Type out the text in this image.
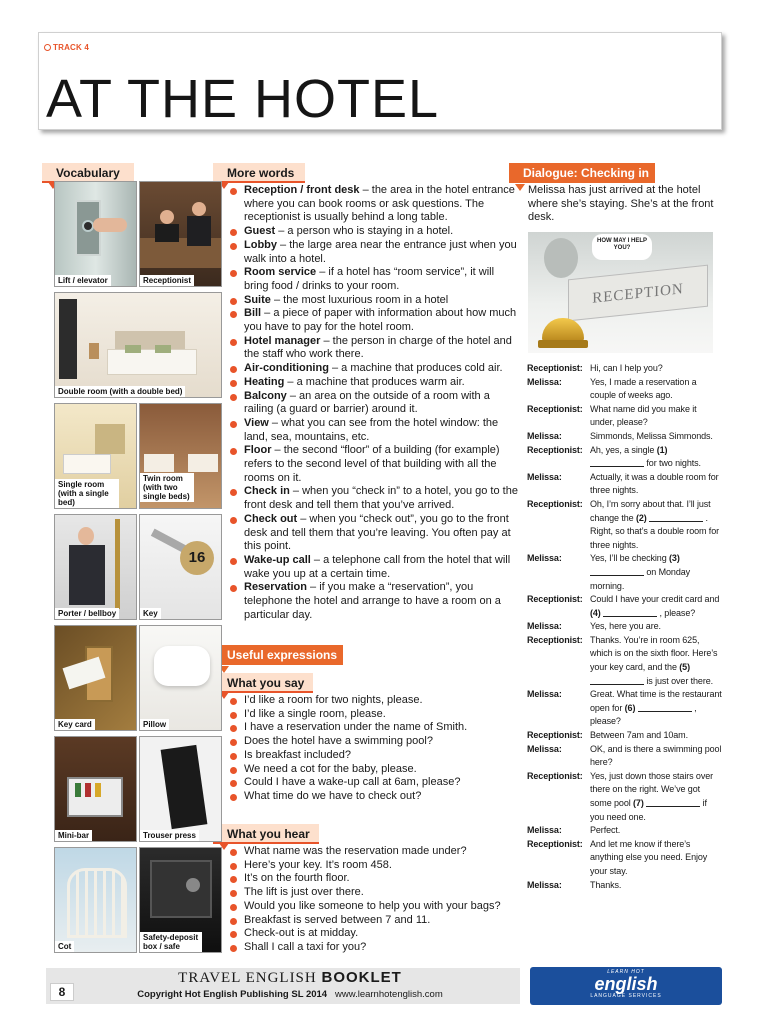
TRACK 4
AT THE HOTEL
Vocabulary	More words	Dialogue: Checking in
Useful expressions
What you say
What you hear
Lift / elevator	Receptionist
Double room (with a double bed)
Single room (with a single bed)
Twin room (with two single beds)
Porter / bellboy
16
Key
Key card	Pillow
Mini-bar	Trouser press
Cot
Safety-deposit box / safe
Reception / front desk – the area in the hotel entrance where you can book rooms or ask questions. The receptionist is usually behind a long table.
Guest – a person who is staying in a hotel.
Lobby – the large area near the entrance just when you walk into a hotel.
Room service – if a hotel has “room service”, it will bring food / drinks to your room.
Suite – the most luxurious room in a hotel
Bill – a piece of paper with information about how much you have to pay for the hotel room.
Hotel manager – the person in charge of the hotel and the staff who work there.
Air-conditioning – a machine that produces cold air.
Heating – a machine that produces warm air.
Balcony – an area on the outside of a room with a railing (a guard or barrier) around it.
View – what you can see from the hotel window: the land, sea, mountains, etc.
Floor – the second “floor” of a building (for example) refers to the second level of that building with all the rooms on it.
Check in – when you “check in” to a hotel, you go to the front desk and tell them that you’ve arrived.
Check out – when you “check out”, you go to the front desk and tell them that you’re leaving. You often pay at this point.
Wake-up call – a telephone call from the hotel that will wake you up at a certain time.
Reservation – if you make a “reservation”, you telephone the hotel and arrange to have a room on a particular day.
I’d like a room for two nights, please.
I’d like a single room, please.
I have a reservation under the name of Smith.
Does the hotel have a swimming pool?
Is breakfast included?
We need a cot for the baby, please.
Could I have a wake-up call at 6am, please?
What time do we have to check out?
What name was the reservation made under?
Here’s your key. It’s room 458.
It’s on the fourth floor.
The lift is just over there.
Would you like someone to help you with your bags?
Breakfast is served between 7 and 11.
Check-out is at midday.
Shall I call a taxi for you?

Melissa has just arrived at the hotel where she’s staying. She’s at the front desk.

HOW MAY I HELP YOU?
RECEPTION
Receptionist: Hi, can I help you?
Melissa:	Yes, I made a reservation a couple of weeks ago.
Receptionist: What name did you make it under, please?
Melissa:	Simmonds, Melissa Simmonds.
Receptionist: Ah, yes, a single (1)  for two nights.
Melissa:	Actually, it was a double room for three nights.
Receptionist: Oh, I’m sorry about that. I’ll just change the (2)	. Right, so that’s a double room for three nights.
Melissa:	Yes, I’ll be checking (3)  on Monday morning.
Receptionist: Could I have your credit card and (4)	, please?
Melissa:	Yes, here you are.
Receptionist: Thanks. You’re in room 625, which is on the sixth floor. Here’s your key card, and the (5)  is just over there.
Melissa:	Great. What time is the restaurant open for (6)	, please?
Receptionist: Between 7am and 10am.
Melissa:	OK, and is there a swimming pool here?
Receptionist: Yes, just down those stairs over there on the right. We’ve got some pool (7)	if you need one.
Melissa:	Perfect.
Receptionist: And let me know if there’s anything else you need. Enjoy your stay.
Melissa:	Thanks.
8
TRAVEL ENGLISH BOOKLET
Copyright Hot English Publishing SL 2014 www.learnhotenglish.com
LEARN HOT
english
LANGUAGE SERVICES
